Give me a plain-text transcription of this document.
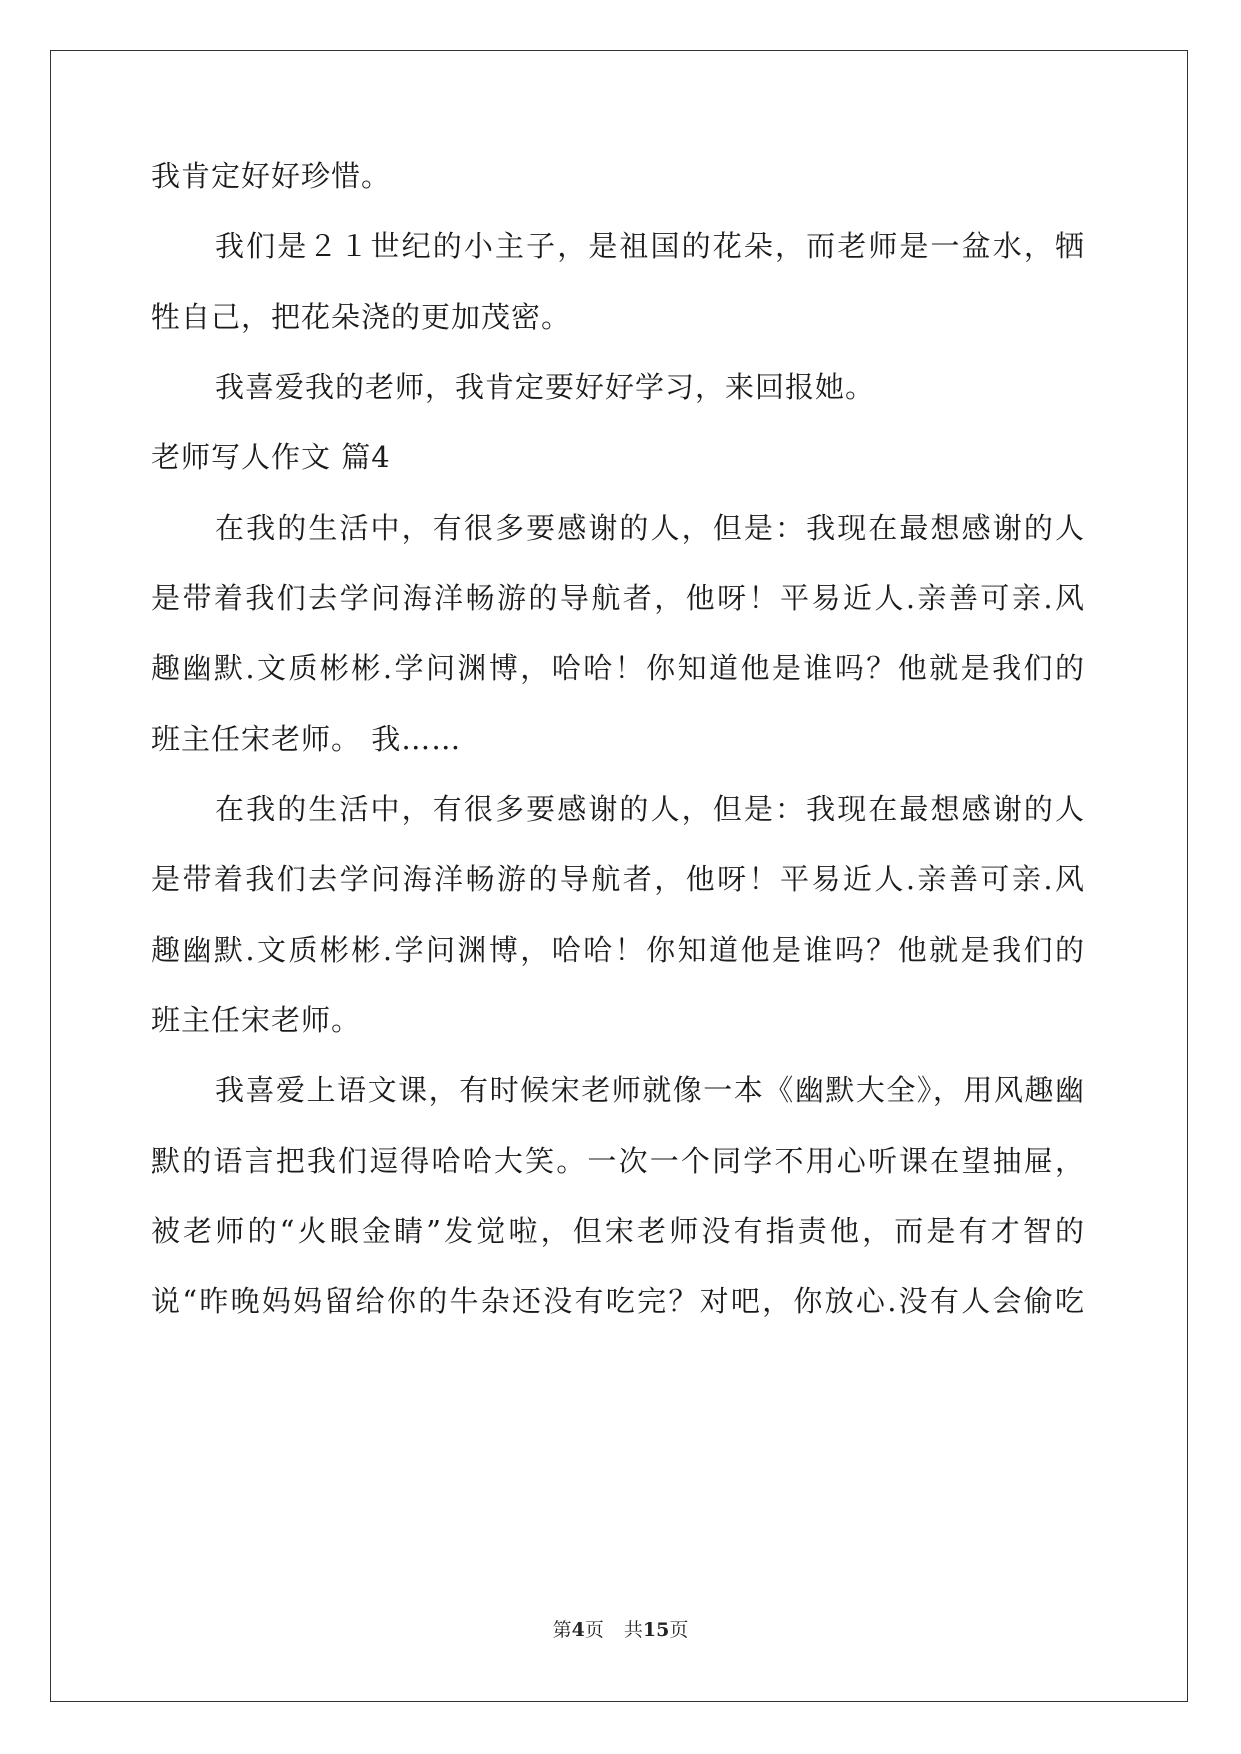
我肯定好好珍惜。
我们是２１世纪的小主子，是祖国的花朵，而老师是一盆水，牺
牲自己，把花朵浇的更加茂密。
我喜爱我的老师，我肯定要好好学习，来回报她。
老师写人作文 篇4
在我的生活中，有很多要感谢的人，但是：我现在最想感谢的人
是带着我们去学问海洋畅游的导航者，他呀！平易近人.亲善可亲.风
趣幽默.文质彬彬.学问渊博，哈哈！你知道他是谁吗？他就是我们的
班主任宋老师。 我……
在我的生活中，有很多要感谢的人，但是：我现在最想感谢的人
是带着我们去学问海洋畅游的导航者，他呀！平易近人.亲善可亲.风
趣幽默.文质彬彬.学问渊博，哈哈！你知道他是谁吗？他就是我们的
班主任宋老师。
我喜爱上语文课，有时候宋老师就像一本《幽默大全》，用风趣幽
默的语言把我们逗得哈哈大笑。一次一个同学不用心听课在望抽屉，
被老师的“火眼金睛”发觉啦，但宋老师没有指责他，而是有才智的
说“昨晚妈妈留给你的牛杂还没有吃完？对吧，你放心.没有人会偷吃
第4页 共15页
